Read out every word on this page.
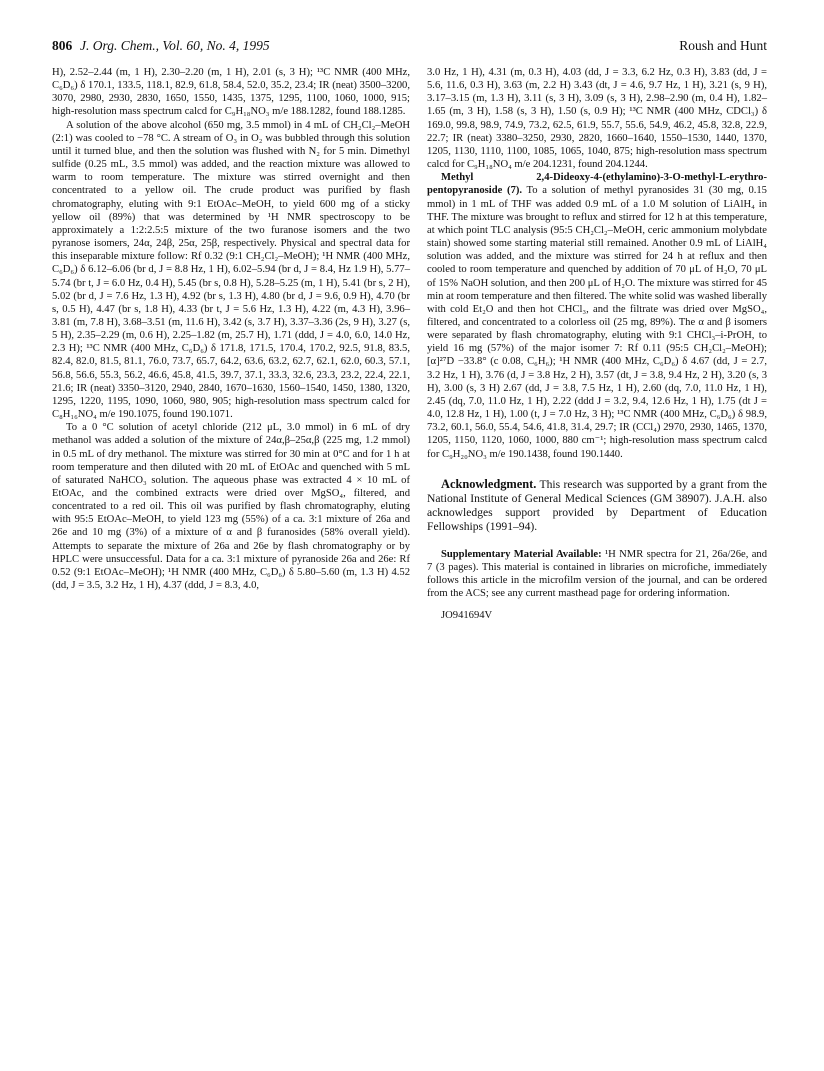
806 J. Org. Chem., Vol. 60, No. 4, 1995	Roush and Hunt

H), 2.52–2.44 (m, 1 H), 2.30–2.20 (m, 1 H), 2.01 (s, 3 H); ¹³C NMR (400 MHz, C₆D₆) δ 170.1, 133.5, 118.1, 82.9, 61.8, 58.4, 52.0, 35.2, 23.4; IR (neat) 3500–3200, 3070, 2980, 2930, 2830, 1650, 1550, 1435, 1375, 1295, 1100, 1060, 1000, 915; high-resolution mass spectrum calcd for C₉H₁₈NO₃ m/e 188.1282, found 188.1285.

A solution of the above alcohol (650 mg, 3.5 mmol) in 4 mL of CH₂Cl₂–MeOH (2:1) was cooled to −78 °C. A stream of O₃ in O₂ was bubbled through this solution until it turned blue, and then the solution was flushed with N₂ for 5 min. Dimethyl sulfide (0.25 mL, 3.5 mmol) was added, and the reaction mixture was allowed to warm to room temperature. The mixture was stirred overnight and then concentrated to a yellow oil. The crude product was purified by flash chromatography, eluting with 9:1 EtOAc–MeOH, to yield 600 mg of a sticky yellow oil (89%) that was determined by ¹H NMR spectroscopy to be approximately a 1:2:2.5:5 mixture of the two furanose isomers and the two pyranose isomers, 24α, 24β, 25α, 25β, respectively. Physical and spectral data for this inseparable mixture follow: Rf 0.32 (9:1 CH₂Cl₂–MeOH); ¹H NMR (400 MHz, C₆D₆) δ 6.12–6.06 (br d, J = 8.8 Hz, 1 H), 6.02–5.94 (br d, J = 8.4, Hz 1.9 H), 5.77–5.74 (br t, J = 6.0 Hz, 0.4 H), 5.45 (br s, 0.8 H), 5.28–5.25 (m, 1 H), 5.41 (br s, 2 H), 5.02 (br d, J = 7.6 Hz, 1.3 H), 4.92 (br s, 1.3 H), 4.80 (br d, J = 9.6, 0.9 H), 4.70 (br s, 0.5 H), 4.47 (br s, 1.8 H), 4.33 (br t, J = 5.6 Hz, 1.3 H), 4.22 (m, 4.3 H), 3.96–3.81 (m, 7.8 H), 3.68–3.51 (m, 11.6 H), 3.42 (s, 3.7 H), 3.37–3.36 (2s, 9 H), 3.27 (s, 5 H), 2.35–2.29 (m, 0.6 H), 2.25–1.82 (m, 25.7 H), 1.71 (ddd, J = 4.0, 6.0, 14.0 Hz, 2.3 H); ¹³C NMR (400 MHz, C₆D₆) δ 171.8, 171.5, 170.4, 170.2, 92.5, 91.8, 83.5, 82.4, 82.0, 81.5, 81.1, 76.0, 73.7, 65.7, 64.2, 63.6, 63.2, 62.7, 62.1, 62.0, 60.3, 57.1, 56.8, 56.6, 55.3, 56.2, 46.6, 45.8, 41.5, 39.7, 37.1, 33.3, 32.6, 23.3, 23.2, 22.4, 22.1, 21.6; IR (neat) 3350–3120, 2940, 2840, 1670–1630, 1560–1540, 1450, 1380, 1320, 1295, 1220, 1195, 1090, 1060, 980, 905; high-resolution mass spectrum calcd for C₈H₁₆NO₄ m/e 190.1075, found 190.1071.

To a 0 °C solution of acetyl chloride (212 μL, 3.0 mmol) in 6 mL of dry methanol was added a solution of the mixture of 24α,β–25α,β (225 mg, 1.2 mmol) in 0.5 mL of dry methanol. The mixture was stirred for 30 min at 0°C and for 1 h at room temperature and then diluted with 20 mL of EtOAc and quenched with 5 mL of saturated NaHCO₃ solution. The aqueous phase was extracted 4 × 10 mL of EtOAc, and the combined extracts were dried over MgSO₄, filtered, and concentrated to a red oil. This oil was purified by flash chromatography, eluting with 95:5 EtOAc–MeOH, to yield 123 mg (55%) of a ca. 3:1 mixture of 26a and 26e and 10 mg (3%) of a mixture of α and β furanosides (58% overall yield). Attempts to separate the mixture of 26a and 26e by flash chromatography or by HPLC were unsuccessful. Data for a ca. 3:1 mixture of pyranoside 26a and 26e: Rf 0.52 (9:1 EtOAc–MeOH); ¹H NMR (400 MHz, C₆D₆) δ 5.80–5.60 (m, 1.3 H) 4.52 (dd, J = 3.5, 3.2 Hz, 1 H), 4.37 (ddd, J = 8.3, 4.0,

3.0 Hz, 1 H), 4.31 (m, 0.3 H), 4.03 (dd, J = 3.3, 6.2 Hz, 0.3 H), 3.83 (dd, J = 5.6, 11.6, 0.3 H), 3.63 (m, 2.2 H) 3.43 (dt, J = 4.6, 9.7 Hz, 1 H), 3.21 (s, 9 H), 3.17–3.15 (m, 1.3 H), 3.11 (s, 3 H), 3.09 (s, 3 H), 2.98–2.90 (m, 0.4 H), 1.82–1.65 (m, 3 H), 1.58 (s, 3 H), 1.50 (s, 0.9 H); ¹³C NMR (400 MHz, CDCl₃) δ 169.0, 99.8, 98.9, 74.9, 73.2, 62.5, 61.9, 55.7, 55.6, 54.9, 46.2, 45.8, 32.8, 22.9, 22.7; IR (neat) 3380–3250, 2930, 2820, 1660–1640, 1550–1530, 1440, 1370, 1205, 1130, 1110, 1100, 1085, 1065, 1040, 875; high-resolution mass spectrum calcd for C₉H₁₈NO₄ m/e 204.1231, found 204.1244.

Methyl 2,4-Dideoxy-4-(ethylamino)-3-O-methyl-L-erythro-pentopyranoside (7). To a solution of methyl pyranosides 31 (30 mg, 0.15 mmol) in 1 mL of THF was added 0.9 mL of a 1.0 M solution of LiAlH₄ in THF. The mixture was brought to reflux and stirred for 12 h at this temperature, at which point TLC analysis (95:5 CH₂Cl₂–MeOH, ceric ammonium molybdate stain) showed some starting material still remained. Another 0.9 mL of LiAlH₄ solution was added, and the mixture was stirred for 24 h at reflux and then cooled to room temperature and quenched by addition of 70 μL of H₂O, 70 μL of 15% NaOH solution, and then 200 μL of H₂O. The mixture was stirred for 45 min at room temperature and then filtered. The white solid was washed liberally with cold Et₂O and then hot CHCl₃, and the filtrate was dried over MgSO₄, filtered, and concentrated to a colorless oil (25 mg, 89%). The α and β isomers were separated by flash chromatography, eluting with 9:1 CHCl₃–i-PrOH, to yield 16 mg (57%) of the major isomer 7: Rf 0.11 (95:5 CH₂Cl₂–MeOH); [α]²⁷D −33.8° (c 0.08, C₆H₆); ¹H NMR (400 MHz, C₆D₆) δ 4.67 (dd, J = 2.7, 3.2 Hz, 1 H), 3.76 (d, J = 3.8 Hz, 2 H), 3.57 (dt, J = 3.8, 9.4 Hz, 2 H), 3.20 (s, 3 H), 3.00 (s, 3 H) 2.67 (dd, J = 3.8, 7.5 Hz, 1 H), 2.60 (dq, 7.0, 11.0 Hz, 1 H), 2.45 (dq, 7.0, 11.0 Hz, 1 H), 2.22 (ddd J = 3.2, 9.4, 12.6 Hz, 1 H), 1.75 (dt J = 4.0, 12.8 Hz, 1 H), 1.00 (t, J = 7.0 Hz, 3 H); ¹³C NMR (400 MHz, C₆D₆) δ 98.9, 73.2, 60.1, 56.0, 55.4, 54.6, 41.8, 31.4, 29.7; IR (CCl₄) 2970, 2930, 1465, 1370, 1205, 1150, 1120, 1060, 1000, 880 cm⁻¹; high-resolution mass spectrum calcd for C₉H₂₀NO₃ m/e 190.1438, found 190.1440.

Acknowledgment. This research was supported by a grant from the National Institute of General Medical Sciences (GM 38907). J.A.H. also acknowledges support provided by Department of Education Fellowships (1991–94).

Supplementary Material Available: ¹H NMR spectra for 21, 26a/26e, and 7 (3 pages). This material is contained in libraries on microfiche, immediately follows this article in the microfilm version of the journal, and can be ordered from the ACS; see any current masthead page for ordering information.

JO941694V
